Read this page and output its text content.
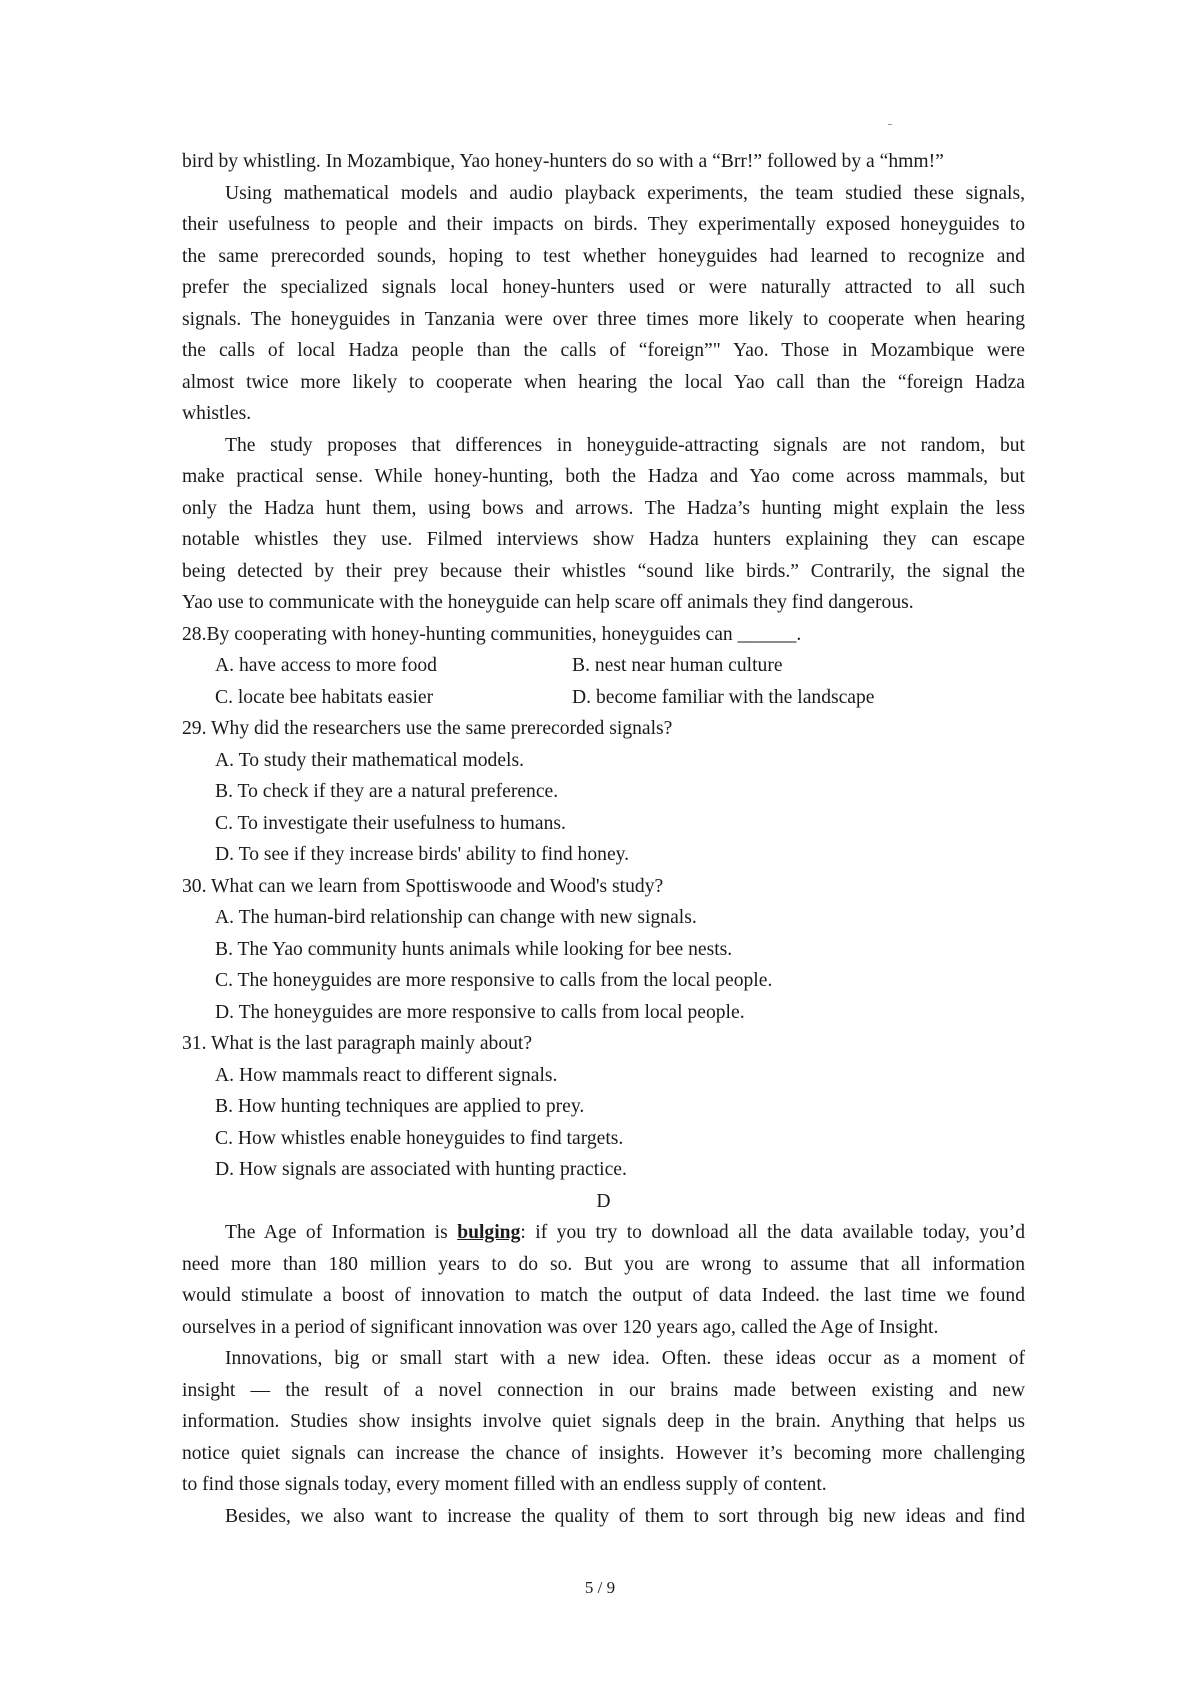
bird by whistling. In Mozambique, Yao honey-hunters do so with a “Brr!” followed by a “hmm!”
Using mathematical models and audio playback experiments, the team studied these signals,
their usefulness to people and their impacts on birds. They experimentally exposed honeyguides to
the same prerecorded sounds, hoping to test whether honeyguides had learned to recognize and
prefer the specialized signals local honey-hunters used or were naturally attracted to all such
signals. The honeyguides in Tanzania were over three times more likely to cooperate when hearing
the calls of local Hadza people than the calls of “foreign”" Yao. Those in Mozambique were
almost twice more likely to cooperate when hearing the local Yao call than the “foreign Hadza
whistles.
The study proposes that differences in honeyguide-attracting signals are not random, but
make practical sense. While honey-hunting, both the Hadza and Yao come across mammals, but
only the Hadza hunt them, using bows and arrows. The Hadza’s hunting might explain the less
notable whistles they use. Filmed interviews show Hadza hunters explaining they can escape
being detected by their prey because their whistles “sound like birds.” Contrarily, the signal the
Yao use to communicate with the honeyguide can help scare off animals they find dangerous.
28.By cooperating with honey-hunting communities, honeyguides can ______.
A. have access to more food	B. nest near human culture
C. locate bee habitats easier	D. become familiar with the landscape
29. Why did the researchers use the same prerecorded signals?
A. To study their mathematical models.
B. To check if they are a natural preference.
C. To investigate their usefulness to humans.
D. To see if they increase birds' ability to find honey.
30. What can we learn from Spottiswoode and Wood's study?
A. The human-bird relationship can change with new signals.
B. The Yao community hunts animals while looking for bee nests.
C. The honeyguides are more responsive to calls from the local people.
D. The honeyguides are more responsive to calls from local people.
31. What is the last paragraph mainly about?
A. How mammals react to different signals.
B. How hunting techniques are applied to prey.
C. How whistles enable honeyguides to find targets.
D. How signals are associated with hunting practice.
D
The Age of Information is bulging: if you try to download all the data available today, you’d
need more than 180 million years to do so. But you are wrong to assume that all information
would stimulate a boost of innovation to match the output of data Indeed. the last time we found
ourselves in a period of significant innovation was over 120 years ago, called the Age of Insight.
Innovations, big or small start with a new idea. Often. these ideas occur as a moment of
insight — the result of a novel connection in our brains made between existing and new
information. Studies show insights involve quiet signals deep in the brain. Anything that helps us
notice quiet signals can increase the chance of insights. However it’s becoming more challenging
to find those signals today, every moment filled with an endless supply of content.
Besides, we also want to increase the quality of them to sort through big new ideas and find
5 / 9
